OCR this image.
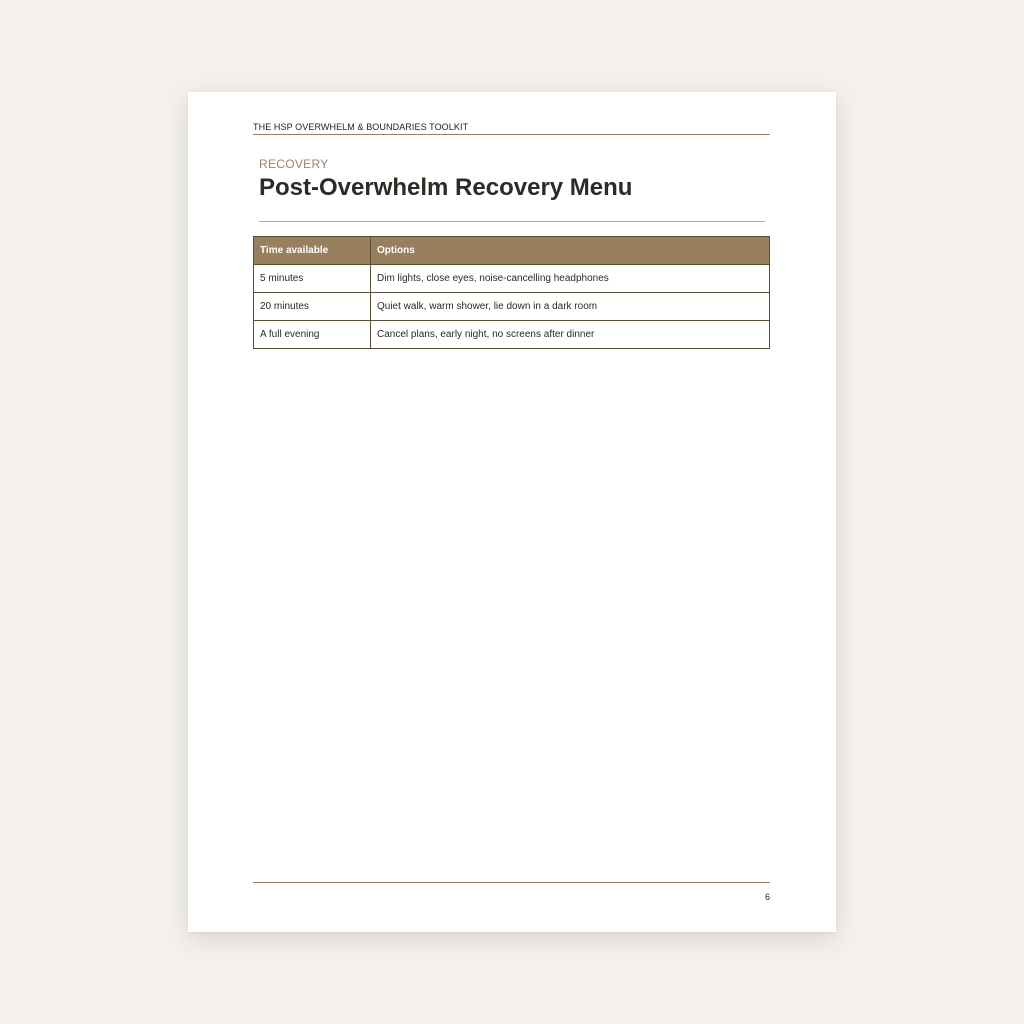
THE HSP OVERWHELM & BOUNDARIES TOOLKIT
RECOVERY
Post-Overwhelm Recovery Menu
Time available	Options
5 minutes	Dim lights, close eyes, noise-cancelling headphones
20 minutes	Quiet walk, warm shower, lie down in a dark room
A full evening	Cancel plans, early night, no screens after dinner
6
